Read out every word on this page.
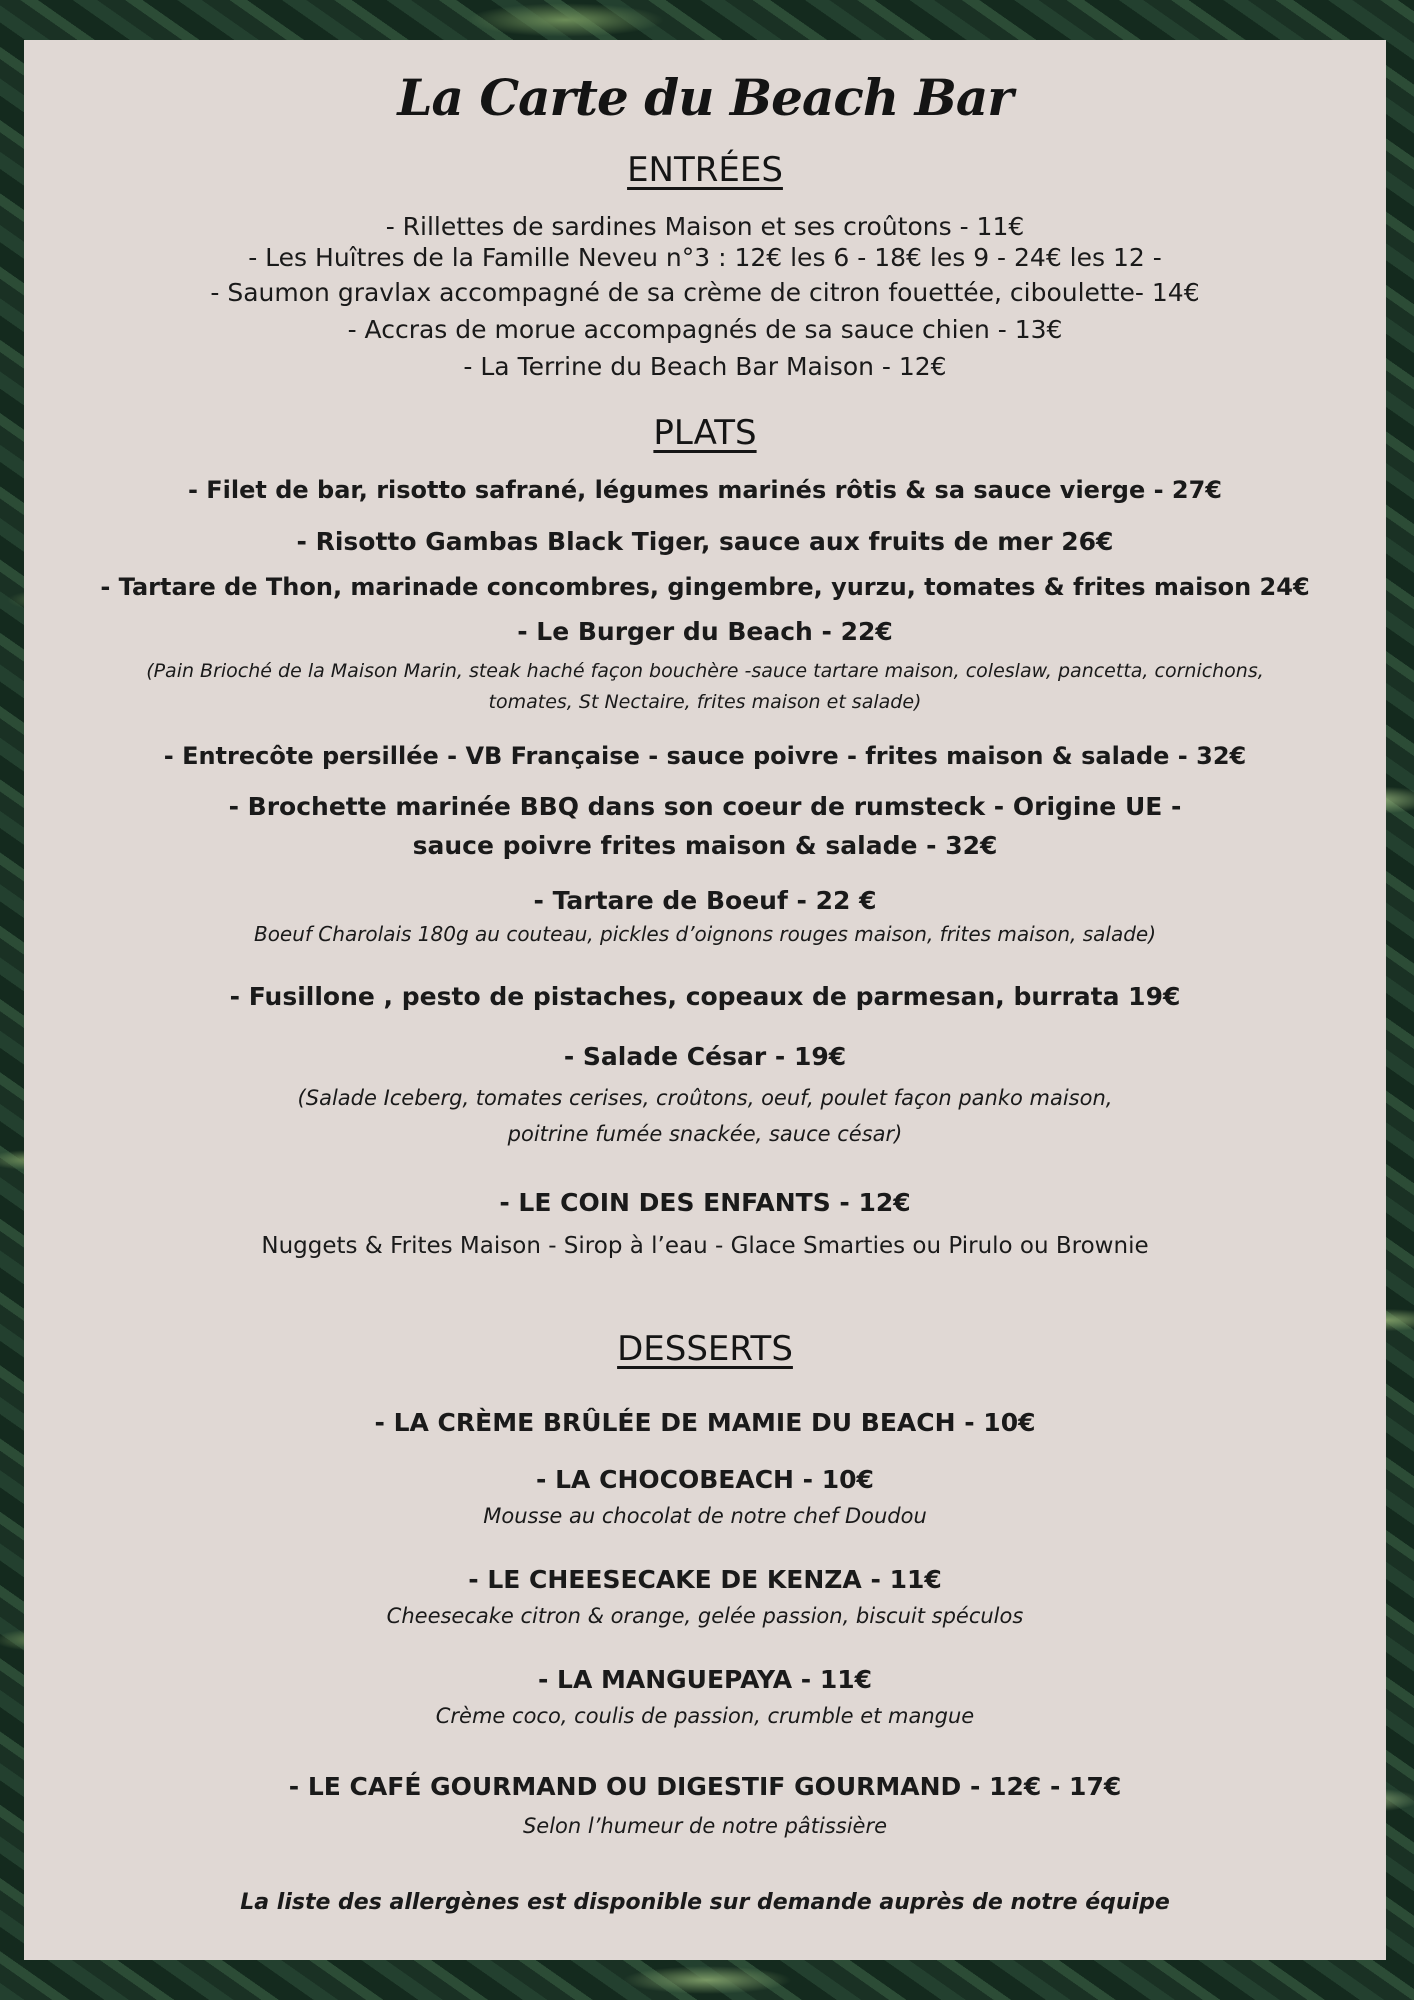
La Carte du Beach Bar
ENTRÉES
- Rillettes de sardines Maison et ses croûtons - 11€
- Les Huîtres de la Famille Neveu n°3 : 12€ les 6 - 18€ les 9 - 24€ les 12 -
- Saumon gravlax accompagné de sa crème de citron fouettée, ciboulette- 14€
- Accras de morue accompagnés de sa sauce chien - 13€
- La Terrine du Beach Bar Maison - 12€
PLATS
- Filet de bar, risotto safrané, légumes marinés rôtis & sa sauce vierge - 27€
- Risotto Gambas Black Tiger, sauce aux fruits de mer 26€
- Tartare de Thon, marinade concombres, gingembre, yurzu, tomates & frites maison 24€
- Le Burger du Beach - 22€
(Pain Brioché de la Maison Marin, steak haché façon bouchère -sauce tartare maison, coleslaw, pancetta, cornichons,
tomates, St Nectaire, frites maison et salade)
- Entrecôte persillée - VB Française - sauce poivre - frites maison & salade - 32€
- Brochette marinée BBQ dans son coeur de rumsteck - Origine UE -
sauce poivre frites maison & salade - 32€
- Tartare de Boeuf - 22 €
Boeuf Charolais 180g au couteau, pickles d’oignons rouges maison, frites maison, salade)
- Fusillone , pesto de pistaches, copeaux de parmesan, burrata 19€
- Salade César - 19€
(Salade Iceberg, tomates cerises, croûtons, oeuf, poulet façon panko maison,
poitrine fumée snackée, sauce césar)
- LE COIN DES ENFANTS - 12€
Nuggets & Frites Maison - Sirop à l’eau - Glace Smarties ou Pirulo ou Brownie
DESSERTS
- LA CRÈME BRÛLÉE DE MAMIE DU BEACH - 10€
- LA CHOCOBEACH - 10€
Mousse au chocolat de notre chef Doudou
- LE CHEESECAKE DE KENZA - 11€
Cheesecake citron & orange, gelée passion, biscuit spéculos
- LA MANGUEPAYA - 11€
Crème coco, coulis de passion, crumble et mangue
- LE CAFÉ GOURMAND OU DIGESTIF GOURMAND - 12€ - 17€
Selon l’humeur de notre pâtissière
La liste des allergènes est disponible sur demande auprès de notre équipe
